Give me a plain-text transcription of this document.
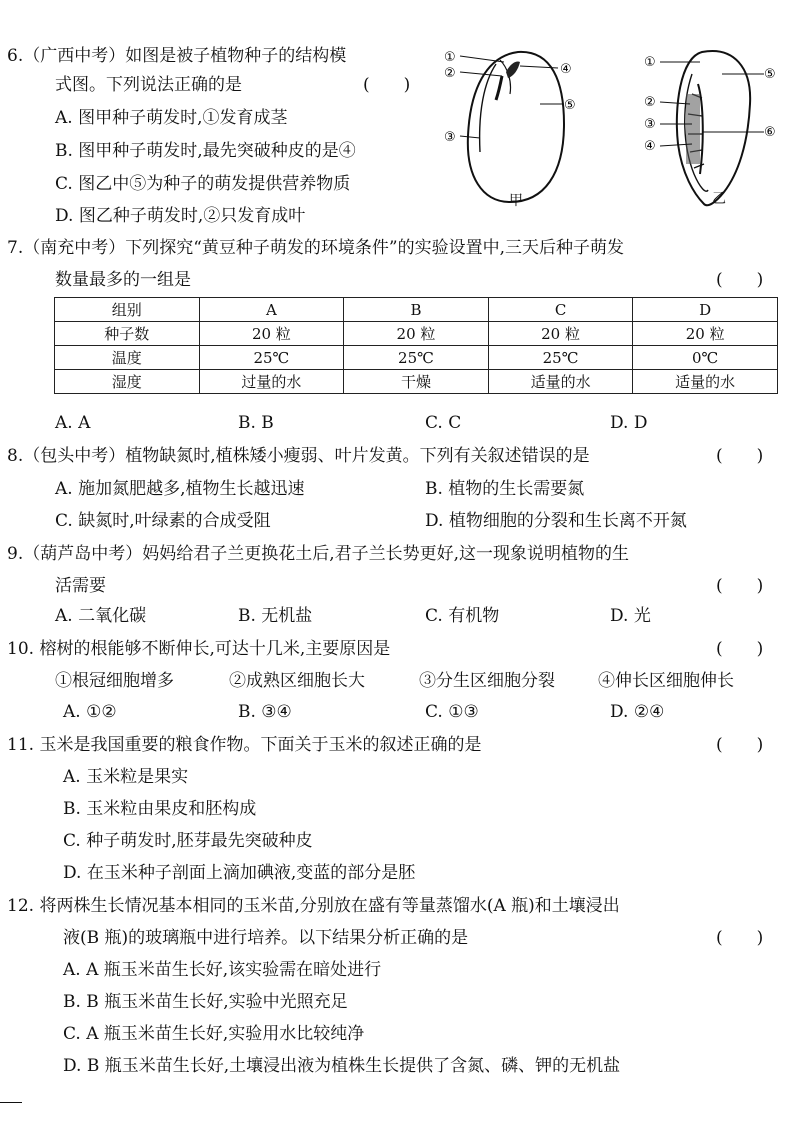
6.（广西中考）如图是被子植物种子的结构模
式图。下列说法正确的是	(　　)
A. 图甲种子萌发时,①发育成茎
B. 图甲种子萌发时,最先突破种皮的是④
C. 图乙中⑤为种子的萌发提供营养物质
D. 图乙种子萌发时,②只发育成叶
①
②
③
④
⑤
甲
①
②
③
④
⑤
⑥
乙
7.（南充中考）下列探究“黄豆种子萌发的环境条件”的实验设置中,三天后种子萌发
数量最多的一组是	(　　)
组别	A	B	C	D
种子数	20 粒	20 粒	20 粒	20 粒
温度	25℃	25℃	25℃	0℃
湿度	过量的水	干燥	适量的水	适量的水
A. A	B. B	C. C	D. D
8.（包头中考）植物缺氮时,植株矮小瘦弱、叶片发黄。下列有关叙述错误的是	(　　)
A. 施加氮肥越多,植物生长越迅速	B. 植物的生长需要氮
C. 缺氮时,叶绿素的合成受阻	D. 植物细胞的分裂和生长离不开氮
9.（葫芦岛中考）妈妈给君子兰更换花土后,君子兰长势更好,这一现象说明植物的生
活需要	(　　)
A. 二氧化碳	B. 无机盐	C. 有机物	D. 光
10. 榕树的根能够不断伸长,可达十几米,主要原因是	(　　)
①根冠细胞增多	②成熟区细胞长大	③分生区细胞分裂	④伸长区细胞伸长
A. ①②	B. ③④	C. ①③	D. ②④
11. 玉米是我国重要的粮食作物。下面关于玉米的叙述正确的是	(　　)
A. 玉米粒是果实
B. 玉米粒由果皮和胚构成
C. 种子萌发时,胚芽最先突破种皮
D. 在玉米种子剖面上滴加碘液,变蓝的部分是胚
12. 将两株生长情况基本相同的玉米苗,分别放在盛有等量蒸馏水(A 瓶)和土壤浸出
液(B 瓶)的玻璃瓶中进行培养。以下结果分析正确的是	(　　)
A. A 瓶玉米苗生长好,该实验需在暗处进行
B. B 瓶玉米苗生长好,实验中光照充足
C. A 瓶玉米苗生长好,实验用水比较纯净
D. B 瓶玉米苗生长好,土壤浸出液为植株生长提供了含氮、磷、钾的无机盐
